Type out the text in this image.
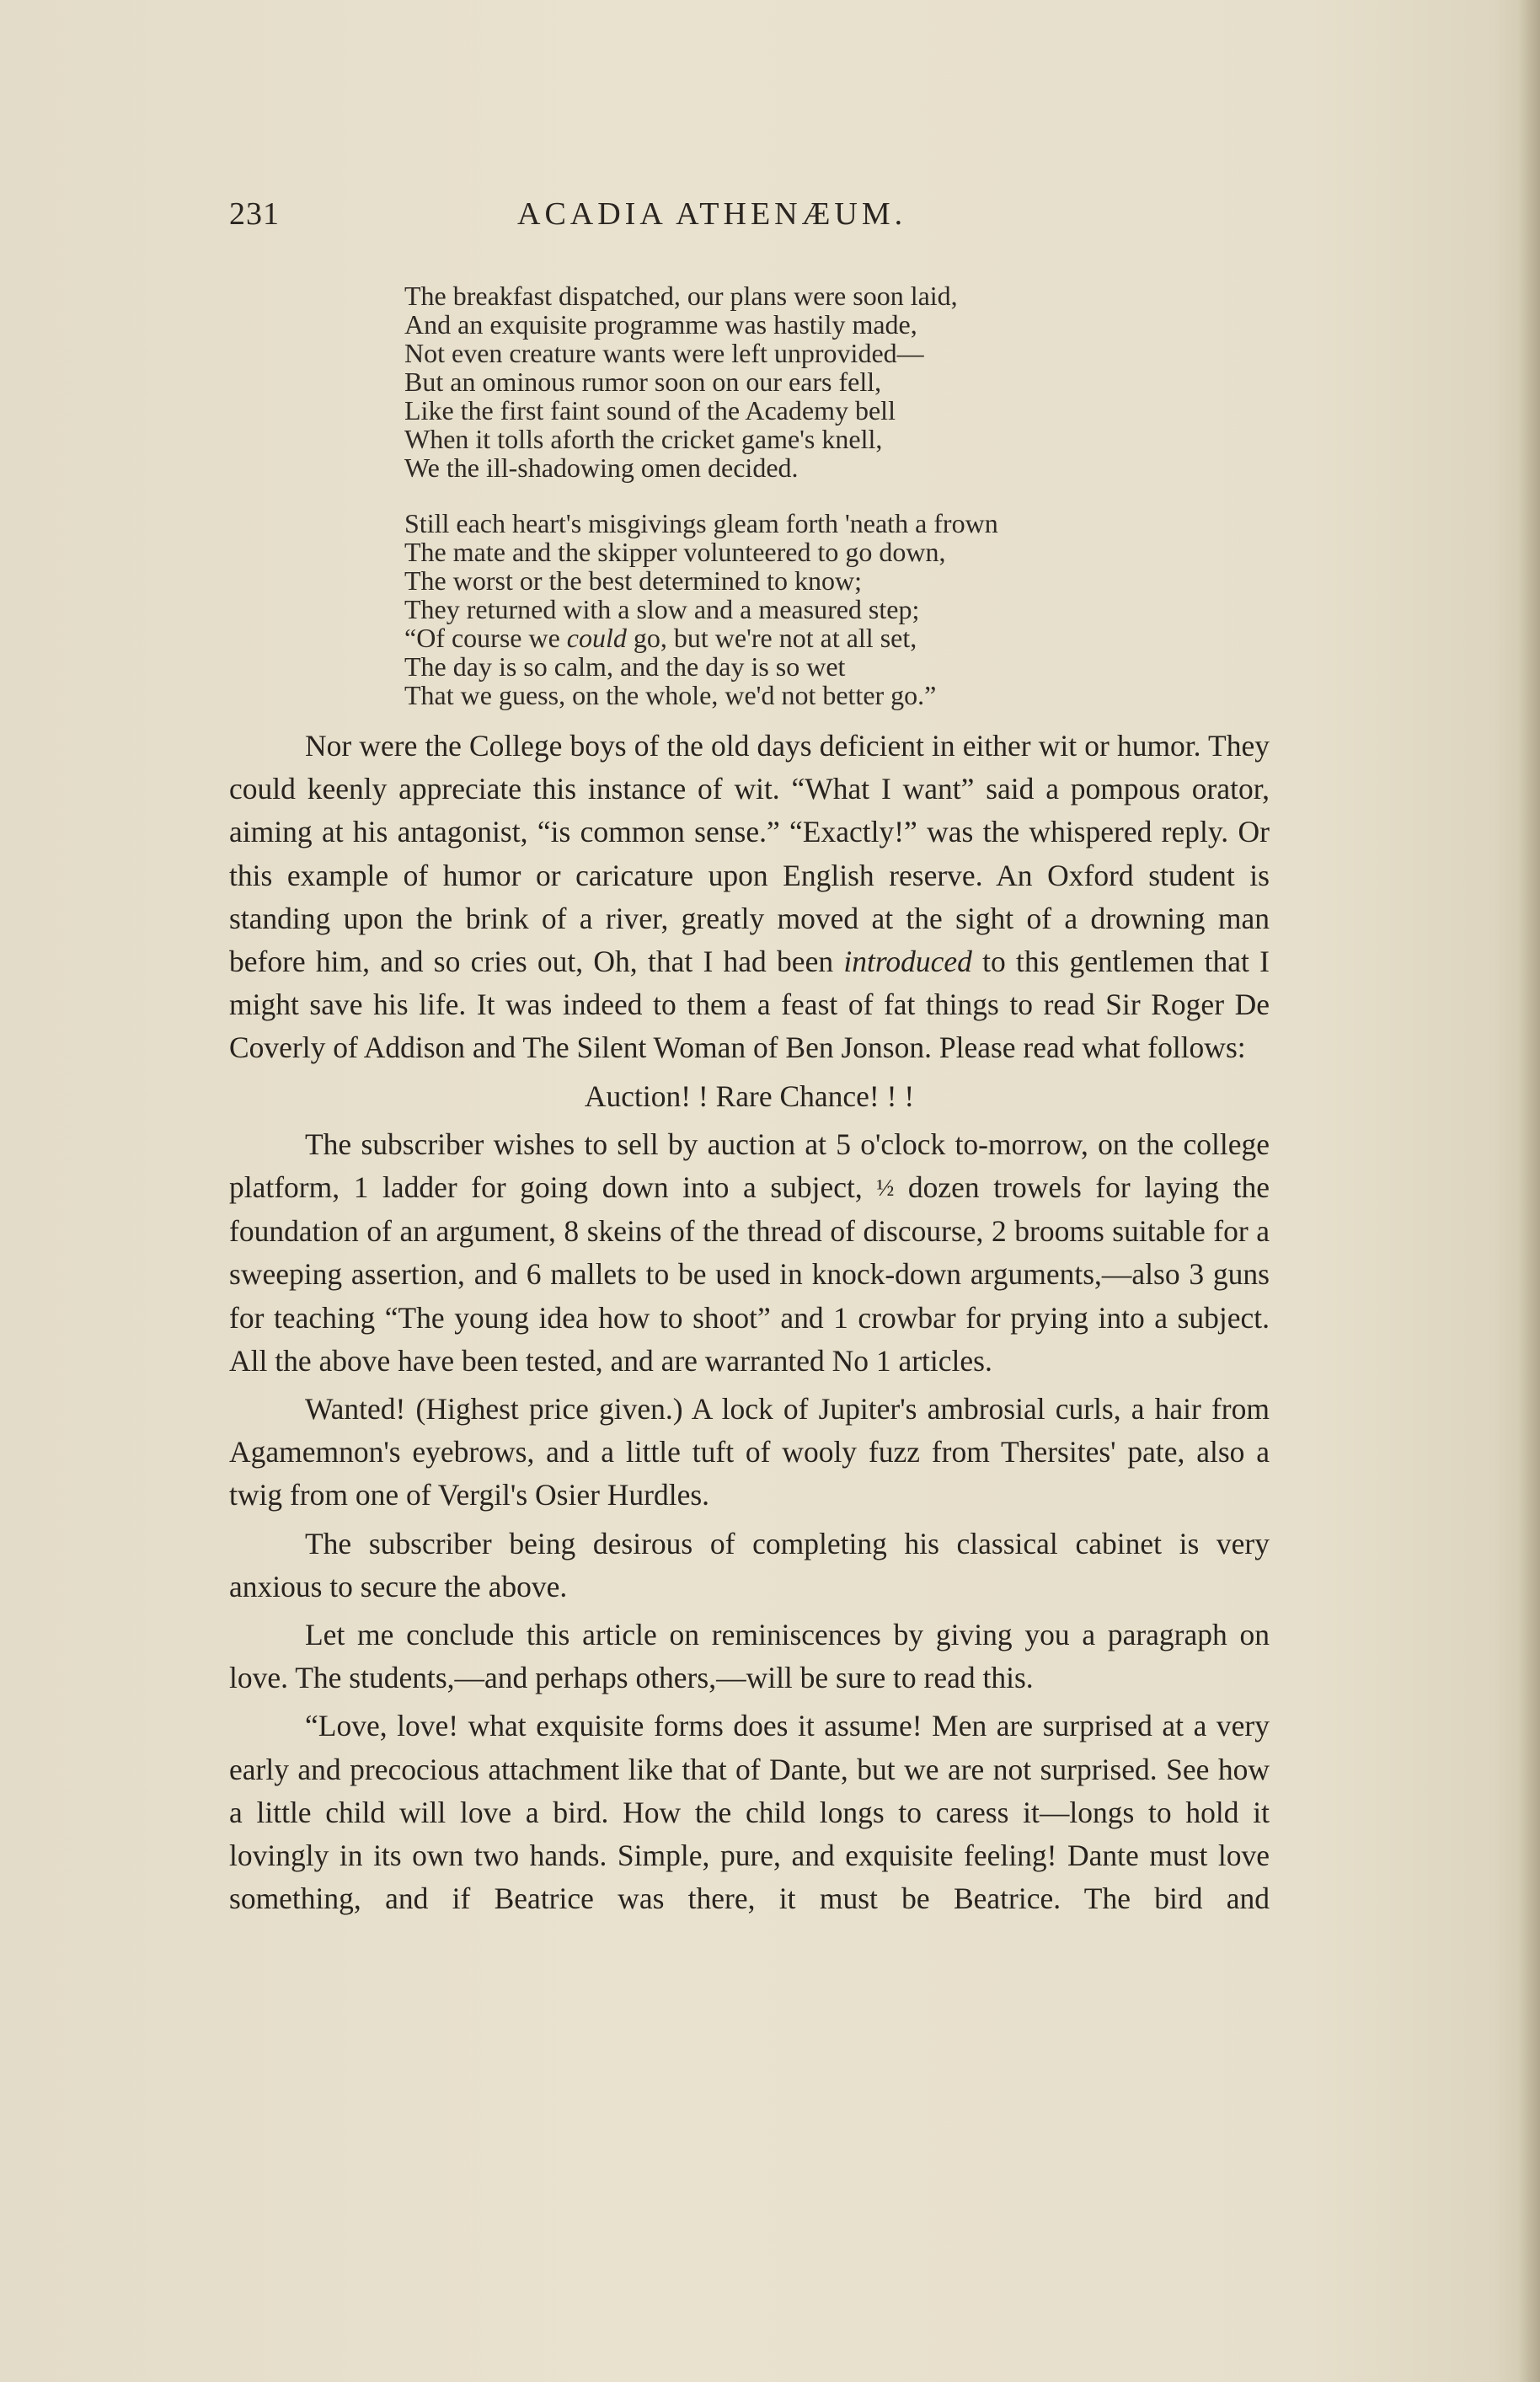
231	ACADIA ATHENÆUM.
The breakfast dispatched, our plans were soon laid,
And an exquisite programme was hastily made,
Not even creature wants were left unprovided—
But an ominous rumor soon on our ears fell,
Like the first faint sound of the Academy bell
When it tolls aforth the cricket game's knell,
We the ill-shadowing omen decided.
Still each heart's misgivings gleam forth 'neath a frown
The mate and the skipper volunteered to go down,
The worst or the best determined to know;
They returned with a slow and a measured step;
“Of course we could go, but we're not at all set,
The day is so calm, and the day is so wet
That we guess, on the whole, we'd not better go.”

Nor were the College boys of the old days deficient in either wit or humor. They could keenly appreciate this instance of wit. “What I want” said a pompous orator, aiming at his antagonist, “is common sense.” “Exactly!” was the whispered reply. Or this example of humor or caricature upon English reserve. An Oxford student is standing upon the brink of a river, greatly moved at the sight of a drowning man before him, and so cries out, Oh, that I had been introduced to this gentlemen that I might save his life. It was indeed to them a feast of fat things to read Sir Roger De Coverly of Addison and The Silent Woman of Ben Jonson. Please read what follows:

Auction! ! Rare Chance! ! !

The subscriber wishes to sell by auction at 5 o'clock to-morrow, on the college platform, 1 ladder for going down into a subject, ½ dozen trowels for laying the foundation of an argument, 8 skeins of the thread of discourse, 2 brooms suitable for a sweeping assertion, and 6 mallets to be used in knock-down arguments,—also 3 guns for teaching “The young idea how to shoot” and 1 crowbar for prying into a subject. All the above have been tested, and are warranted No 1 articles.

Wanted! (Highest price given.) A lock of Jupiter's ambrosial curls, a hair from Agamemnon's eyebrows, and a little tuft of wooly fuzz from Thersites' pate, also a twig from one of Vergil's Osier Hurdles.

The subscriber being desirous of completing his classical cabinet is very anxious to secure the above.

Let me conclude this article on reminiscences by giving you a paragraph on love. The students,—and perhaps others,—will be sure to read this.

“Love, love! what exquisite forms does it assume! Men are surprised at a very early and precocious attachment like that of Dante, but we are not surprised. See how a little child will love a bird. How the child longs to caress it—longs to hold it lovingly in its own two hands. Simple, pure, and exquisite feeling! Dante must love something, and if Beatrice was there, it must be Beatrice. The bird and
